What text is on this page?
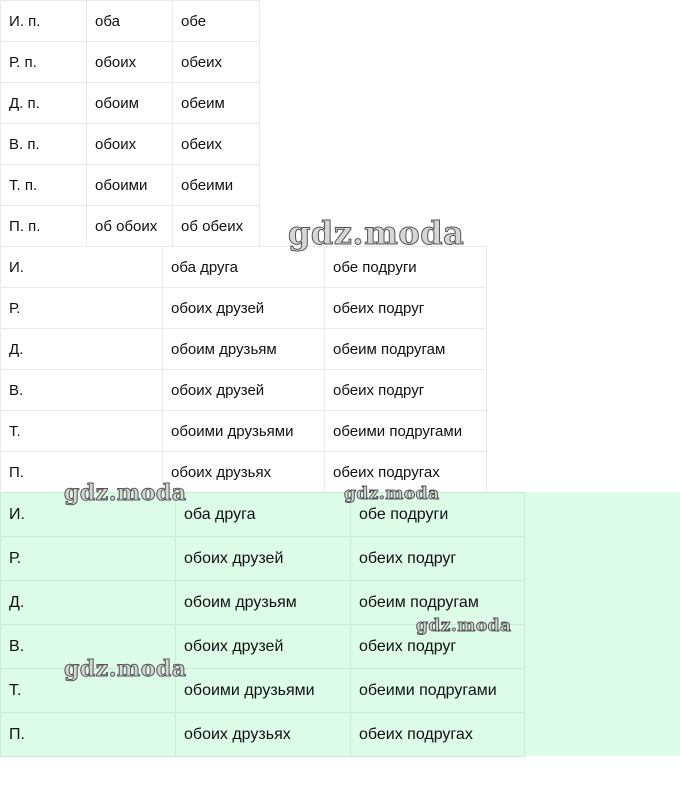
И. п.	оба	обе
Р. п.	обоих	обеих
Д. п.	обоим	обеим
В. п.	обоих	обеих
Т. п.	обоими	обеими
П. п.	об обоих	об обеих
И.	оба друга	обе подруги
Р.	обоих друзей	обеих подруг
Д.	обоим друзьям	обеим подругам
В.	обоих друзей	обеих подруг
Т.	обоими друзьями	обеими подругами
П.	обоих друзьях	обеих подругах
И.	оба друга	обе подруги
Р.	обоих друзей	обеих подруг
Д.	обоим друзьям	обеим подругам
В.	обоих друзей	обеих подруг
Т.	обоими друзьями	обеими подругами
П.	обоих друзьях	обеих подругах
gdz.moda
gdz.moda	gdz.moda
gdz.moda
gdz.moda
